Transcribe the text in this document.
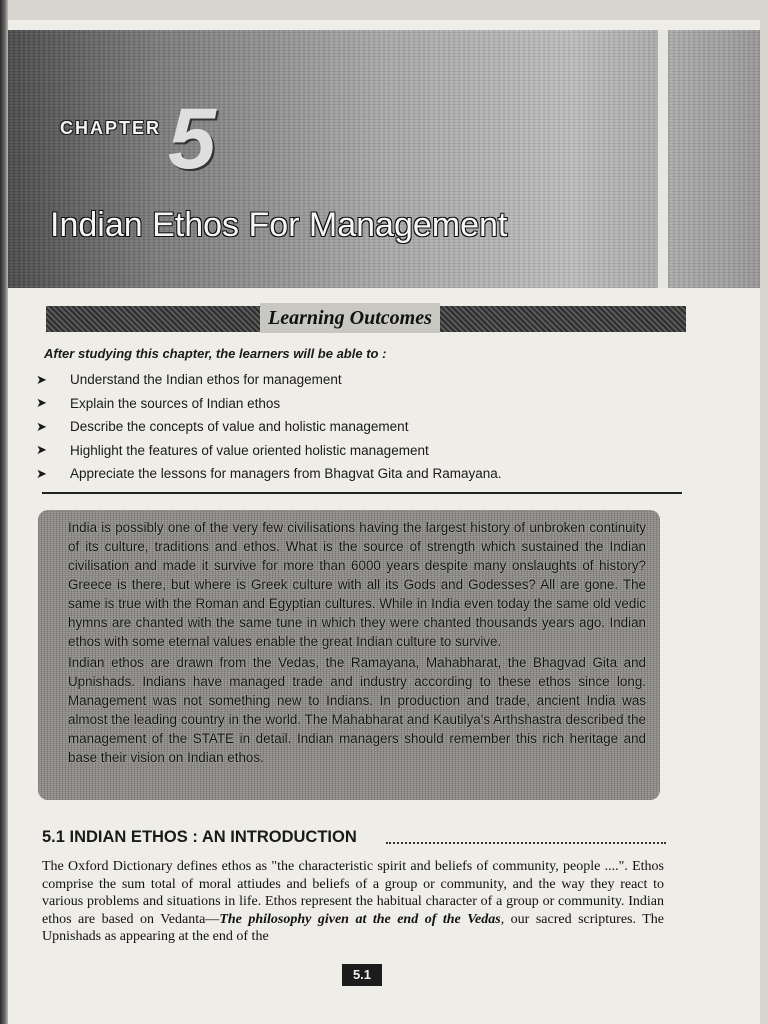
CHAPTER 5
Indian Ethos For Management
Learning Outcomes
After studying this chapter, the learners will be able to :
➤	Understand the Indian ethos for management
➤	Explain the sources of Indian ethos
➤	Describe the concepts of value and holistic management
➤	Highlight the features of value oriented holistic management
➤	Appreciate the lessons for managers from Bhagvat Gita and Ramayana.

India is possibly one of the very few civilisations having the largest history of unbroken continuity of its culture, traditions and ethos. What is the source of strength which sustained the Indian civilisation and made it survive for more than 6000 years despite many onslaughts of history? Greece is there, but where is Greek culture with all its Gods and Godesses? All are gone. The same is true with the Roman and Egyptian cultures. While in India even today the same old vedic hymns are chanted with the same tune in which they were chanted thousands years ago. Indian ethos with some eternal values enable the great Indian culture to survive.

Indian ethos are drawn from the Vedas, the Ramayana, Mahabharat, the Bhagvad Gita and Upnishads. Indians have managed trade and industry according to these ethos since long. Management was not something new to Indians. In production and trade, ancient India was almost the leading country in the world. The Mahabharat and Kautilya's Arthshastra described the management of the STATE in detail. Indian managers should remember this rich heritage and base their vision on Indian ethos.

5.1 INDIAN ETHOS : AN INTRODUCTION

The Oxford Dictionary defines ethos as "the characteristic spirit and beliefs of community, people ....". Ethos comprise the sum total of moral attiudes and beliefs of a group or community, and the way they react to various problems and situations in life. Ethos represent the habitual character of a group or community. Indian ethos are based on Vedanta—The philosophy given at the end of the Vedas, our sacred scriptures. The Upnishads as appearing at the end of the

5.1
